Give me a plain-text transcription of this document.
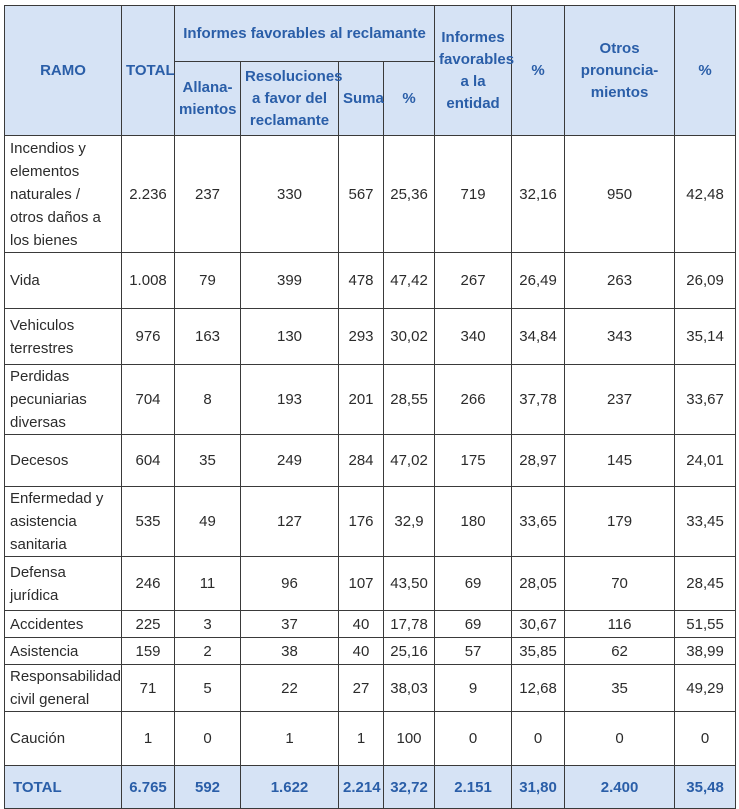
RAMO	TOTAL	Informes favorables al reclamante				Informes favorables a la entidad	%	Otros pronuncia-mientos	%
		Allana-mientos	Resoluciones a favor del reclamante	Suma	%				
Incendios y elementos naturales / otros daños a los bienes	2.236	237	330	567	25,36	719	32,16	950	42,48
Vida	1.008	79	399	478	47,42	267	26,49	263	26,09
Vehiculos terrestres	976	163	130	293	30,02	340	34,84	343	35,14
Perdidas pecuniarias diversas	704	8	193	201	28,55	266	37,78	237	33,67
Decesos	604	35	249	284	47,02	175	28,97	145	24,01
Enfermedad y asistencia sanitaria	535	49	127	176	32,9	180	33,65	179	33,45
Defensa jurídica	246	11	96	107	43,50	69	28,05	70	28,45
Accidentes	225	3	37	40	17,78	69	30,67	116	51,55
Asistencia	159	2	38	40	25,16	57	35,85	62	38,99
Responsabilidad civil general	71	5	22	27	38,03	9	12,68	35	49,29
Caución	1	0	1	1	100	0	0	0	0
TOTAL	6.765	592	1.622	2.214	32,72	2.151	31,80	2.400	35,48
